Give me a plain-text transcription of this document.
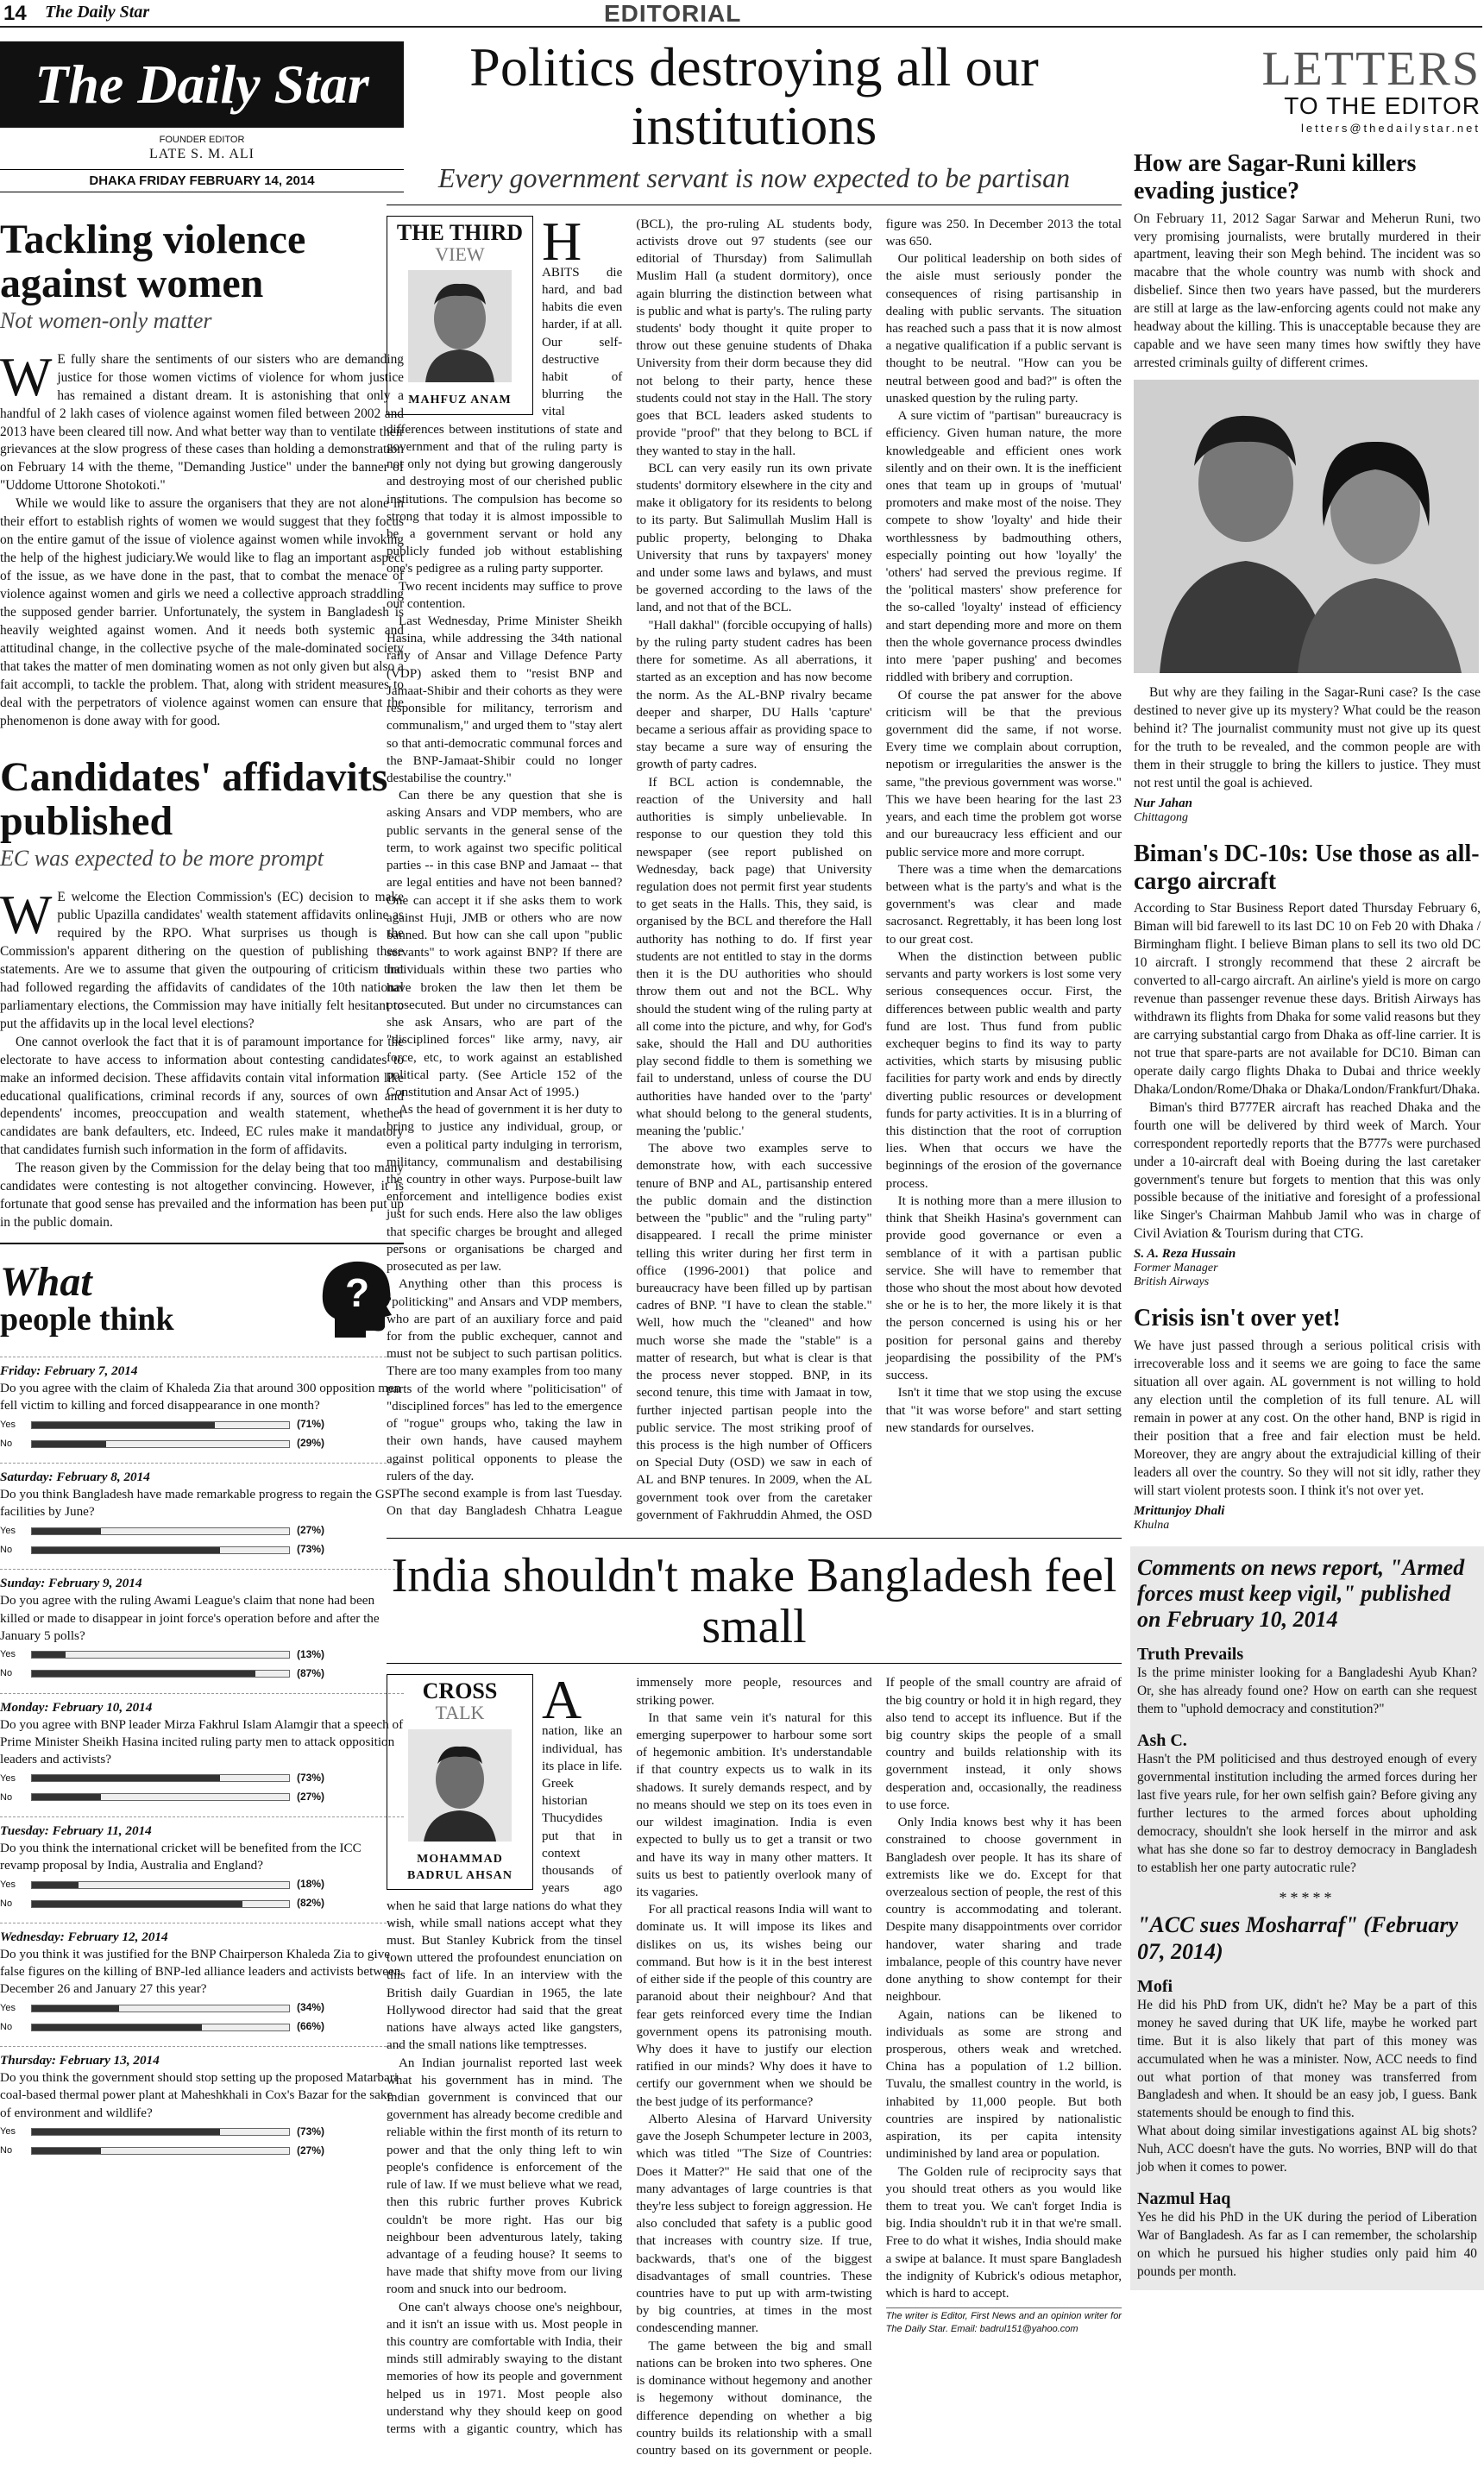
14 The Daily Star	EDITORIAL
The Daily Star
FOUNDER EDITOR
LATE S. M. ALI
DHAKA FRIDAY FEBRUARY 14, 2014
Tackling violence against women
Not women-only matter

W E fully share the sentiments of our sisters who are demanding justice for those women victims of violence for whom justice has remained a distant dream. It is astonishing that only a handful of 2 lakh cases of violence against women filed between 2002 and 2013 have been cleared till now. And what better way than to ventilate their grievances at the slow progress of these cases than holding a demonstration on February 14 with the theme, "Demanding Justice" under the banner of "Uddome Uttorone Shotokoti."

While we would like to assure the organisers that they are not alone in their effort to establish rights of women we would suggest that they focus on the entire gamut of the issue of violence against women while invoking the help of the highest judiciary.We would like to flag an important aspect of the issue, as we have done in the past, that to combat the menace of violence against women and girls we need a collective approach straddling the supposed gender barrier. Unfortunately, the system in Bangladesh is heavily weighted against women. And it needs both systemic and attitudinal change, in the collective psyche of the male-dominated society that takes the matter of men dominating women as not only given but also a fait accompli, to tackle the problem. That, along with strident measures to deal with the perpetrators of violence against women can ensure that the phenomenon is done away with for good.

Candidates' affidavits published
EC was expected to be more prompt

W E welcome the Election Commission's (EC) decision to make public Upazilla candidates' wealth statement affidavits online as required by the RPO. What surprises us though is the Commission's apparent dithering on the question of publishing these statements. Are we to assume that given the outpouring of criticism that had followed regarding the affidavits of candidates of the 10th national parliamentary elections, the Commission may have initially felt hesitant to put the affidavits up in the local level elections?

One cannot overlook the fact that it is of paramount importance for the electorate to have access to information about contesting candidates to make an informed decision. These affidavits contain vital information like educational qualifications, criminal records if any, sources of own and dependents' incomes, preoccupation and wealth statement, whether candidates are bank defaulters, etc. Indeed, EC rules make it mandatory that candidates furnish such information in the form of affidavits.

The reason given by the Commission for the delay being that too many candidates were contesting is not altogether convincing. However, it is fortunate that good sense has prevailed and the information has been put up in the public domain.

What
people think
?
Friday: February 7, 2014
Do you agree with the claim of Khaleda Zia that around 300 opposition men fell victim to killing and forced disappearance in one month?
Yes	(71%)
No	(29%)
Saturday: February 8, 2014
Do you think Bangladesh have made remarkable progress to regain the GSP facilities by June?
Yes	(27%)
No	(73%)
Sunday: February 9, 2014
Do you agree with the ruling Awami League's claim that none had been killed or made to disappear in joint force's operation before and after the January 5 polls?
Yes	(13%)
No	(87%)
Monday: February 10, 2014
Do you agree with BNP leader Mirza Fakhrul Islam Alamgir that a speech of Prime Minister Sheikh Hasina incited ruling party men to attack opposition leaders and activists?
Yes	(73%)
No	(27%)
Tuesday: February 11, 2014
Do you think the international cricket will be benefited from the ICC revamp proposal by India, Australia and England?
Yes	(18%)
No	(82%)
Wednesday: February 12, 2014
Do you think it was justified for the BNP Chairperson Khaleda Zia to give false figures on the killing of BNP-led alliance leaders and activists between December 26 and January 27 this year?
Yes	(34%)
No	(66%)
Thursday: February 13, 2014
Do you think the government should stop setting up the proposed Matarbari coal-based thermal power plant at Maheshkhali in Cox's Bazar for the sake of environment and wildlife?
Yes	(73%)
No	(27%)
Politics destroying all our institutions
Every government servant is now expected to be partisan
THE THIRD
VIEW
MAHFUZ ANAM

H
ABITS die hard, and bad habits die even harder, if at all. Our self-destructive habit of blurring the vital differences between institutions of state and government and that of the ruling party is not only not dying but growing dangerously and destroying most of our cherished public institutions. The compulsion has become so strong that today it is almost impossible to be a government servant or hold any publicly funded job without establishing one's pedigree as a ruling party supporter.

Two recent incidents may suffice to prove our contention.

Last Wednesday, Prime Minister Sheikh Hasina, while addressing the 34th national rally of Ansar and Village Defence Party (VDP) asked them to "resist BNP and Jamaat-Shibir and their cohorts as they were responsible for militancy, terrorism and communalism," and urged them to "stay alert so that anti-democratic communal forces and the BNP-Jamaat-Shibir could no longer destabilise the country."

Can there be any question that she is asking Ansars and VDP members, who are public servants in the general sense of the term, to work against two specific political parties -- in this case BNP and Jamaat -- that are legal entities and have not been banned? One can accept it if she asks them to work against Huji, JMB or others who are now banned. But how can she call upon "public servants" to work against BNP? If there are individuals within these two parties who have broken the law then let them be prosecuted. But under no circumstances can she ask Ansars, who are part of the "disciplined forces" like army, navy, air force, etc, to work against an established political party. (See Article 152 of the Constitution and Ansar Act of 1995.)

As the head of government it is her duty to bring to justice any individual, group, or even a political party indulging in terrorism, militancy, communalism and destabilising the country in other ways. Purpose-built law enforcement and intelligence bodies exist just for such ends. Here also the law obliges that specific charges be brought and alleged persons or organisations be charged and prosecuted as per law.

Anything other than this process is "politicking" and Ansars and VDP members, who are part of an auxiliary force and paid for from the public exchequer, cannot and must not be subject to such partisan politics. There are too many examples from too many parts of the world where "politicisation" of "disciplined forces" has led to the emergence of "rogue" groups who, taking the law in their own hands, have caused mayhem against political opponents to please the rulers of the day.

The second example is from last Tuesday. On that day Bangladesh Chhatra League (BCL), the pro-ruling AL students body, activists drove out 97 students (see our editorial of Thursday) from Salimullah Muslim Hall (a student dormitory), once again blurring the distinction between what is public and what is party's. The ruling party students' body thought it quite proper to throw out these genuine students of Dhaka University from their dorm because they did not belong to their party, hence these students could not stay in the Hall. The story goes that BCL leaders asked students to provide "proof" that they belong to BCL if they wanted to stay in the hall.

BCL can very easily run its own private students' dormitory elsewhere in the city and make it obligatory for its residents to belong to its party. But Salimullah Muslim Hall is public property, belonging to Dhaka University that runs by taxpayers' money and under some laws and bylaws, and must be governed according to the laws of the land, and not that of the BCL.

"Hall dakhal" (forcible occupying of halls) by the ruling party student cadres has been there for sometime. As all aberrations, it started as an exception and has now become the norm. As the AL-BNP rivalry became deeper and sharper, DU Halls 'capture' became a serious affair as providing space to stay became a sure way of ensuring the growth of party cadres.

If BCL action is condemnable, the reaction of the University and hall authorities is simply unbelievable. In response to our question they told this newspaper (see report published on Wednesday, back page) that University regulation does not permit first year students to get seats in the Halls. This, they said, is organised by the BCL and therefore the Hall authority has nothing to do. If first year students are not entitled to stay in the dorms then it is the DU authorities who should throw them out and not the BCL. Why should the student wing of the ruling party at all come into the picture, and why, for God's sake, should the Hall and DU authorities play second fiddle to them is something we fail to understand, unless of course the DU authorities have handed over to the 'party' what should belong to the general students, meaning the 'public.'

The above two examples serve to demonstrate how, with each successive tenure of BNP and AL, partisanship entered the public domain and the distinction between the "public" and the "ruling party" disappeared. I recall the prime minister telling this writer during her first term in office (1996-2001) that police and bureaucracy have been filled up by partisan cadres of BNP. "I have to clean the stable." Well, how much the "cleaned" and how much worse she made the "stable" is a matter of research, but what is clear is that the process never stopped. BNP, in its second tenure, this time with Jamaat in tow, further injected partisan people into the public service. The most striking proof of this process is the high number of Officers on Special Duty (OSD) we saw in each of AL and BNP tenures. In 2009, when the AL government took over from the caretaker government of Fakhruddin Ahmed, the OSD figure was 250. In December 2013 the total was 650.

Our political leadership on both sides of the aisle must seriously ponder the consequences of rising partisanship in dealing with public servants. The situation has reached such a pass that it is now almost a negative qualification if a public servant is thought to be neutral. "How can you be neutral between good and bad?" is often the unasked question by the ruling party.

A sure victim of "partisan" bureaucracy is efficiency. Given human nature, the more knowledgeable and efficient ones work silently and on their own. It is the inefficient ones that team up in groups of 'mutual' promoters and make most of the noise. They compete to show 'loyalty' and hide their worthlessness by badmouthing others, especially pointing out how 'loyally' the 'others' had served the previous regime. If the 'political masters' show preference for the so-called 'loyalty' instead of efficiency and start depending more and more on them then the whole governance process dwindles into mere 'paper pushing' and becomes riddled with bribery and corruption.

Of course the pat answer for the above criticism will be that the previous government did the same, if not worse. Every time we complain about corruption, nepotism or irregularities the answer is the same, "the previous government was worse." This we have been hearing for the last 23 years, and each time the problem got worse and our bureaucracy less efficient and our public service more and more corrupt.

There was a time when the demarcations between what is the party's and what is the government's was clear and made sacrosanct. Regrettably, it has been long lost to our great cost.

When the distinction between public servants and party workers is lost some very serious consequences occur. First, the differences between public wealth and party fund are lost. Thus fund from public exchequer begins to find its way to party activities, which starts by misusing public facilities for party work and ends by directly diverting public resources or development funds for party activities. It is in a blurring of this distinction that the root of corruption lies. When that occurs we have the beginnings of the erosion of the governance process.

It is nothing more than a mere illusion to think that Sheikh Hasina's government can provide good governance or even a semblance of it with a partisan public service. She will have to remember that those who shout the most about how devoted she or he is to her, the more likely it is that the person concerned is using his or her position for personal gains and thereby jeopardising the possibility of the PM's success.

Isn't it time that we stop using the excuse that "it was worse before" and start setting new standards for ourselves.

India shouldn't make Bangladesh feel small
CROSS
TALK
MOHAMMAD BADRUL AHSAN

A
nation, like an individual, has its place in life. Greek historian Thucydides put that in context thousands of years ago when he said that large nations do what they wish, while small nations accept what they must. But Stanley Kubrick from the tinsel town uttered the profoundest enunciation on this fact of life. In an interview with the British daily Guardian in 1965, the late Hollywood director had said that the great nations have always acted like gangsters, and the small nations like temptresses.

An Indian journalist reported last week what his government has in mind. The Indian government is convinced that our government has already become credible and reliable within the first month of its return to power and that the only thing left to win people's confidence is enforcement of the rule of law. If we must believe what we read, then this rubric further proves Kubrick couldn't be more right. Has our big neighbour been adventurous lately, taking advantage of a feuding house? It seems to have made that shifty move from our living room and snuck into our bedroom.

One can't always choose one's neighbour, and it isn't an issue with us. Most people in this country are comfortable with India, their minds still admirably swaying to the distant memories of how its people and government helped us in 1971. Most people also understand why they should keep on good terms with a gigantic country, which has immensely more people, resources and striking power.

In that same vein it's natural for this emerging superpower to harbour some sort of hegemonic ambition. It's understandable if that country expects us to walk in its shadows. It surely demands respect, and by no means should we step on its toes even in our wildest imagination. India is even expected to bully us to get a transit or two and have its way in many other matters. It suits us best to patiently overlook many of its vagaries.

For all practical reasons India will want to dominate us. It will impose its likes and dislikes on us, its wishes being our command. But how is it in the best interest of either side if the people of this country are paranoid about their neighbour? And that fear gets reinforced every time the Indian government opens its patronising mouth. Why does it have to justify our election ratified in our minds? Why does it have to certify our government when we should be the best judge of its performance?

Alberto Alesina of Harvard University gave the Joseph Schumpeter lecture in 2003, which was titled "The Size of Countries: Does it Matter?" He said that one of the many advantages of large countries is that they're less subject to foreign aggression. He also concluded that safety is a public good that increases with country size. If true, backwards, that's one of the biggest disadvantages of small countries. These countries have to put up with arm-twisting by big countries, at times in the most condescending manner.

The game between the big and small nations can be broken into two spheres. One is dominance without hegemony and another is hegemony without dominance, the difference depending on whether a big country builds its relationship with a small country based on its government or people. If people of the small country are afraid of the big country or hold it in high regard, they also tend to accept its influence. But if the big country skips the people of a small country and builds relationship with its government instead, it only shows desperation and, occasionally, the readiness to use force.

Only India knows best why it has been constrained to choose government in Bangladesh over people. It has its share of extremists like we do. Except for that overzealous section of people, the rest of this country is accommodating and tolerant. Despite many disappointments over corridor handover, water sharing and trade imbalance, people of this country have never done anything to show contempt for their neighbour.

Again, nations can be likened to individuals as some are strong and prosperous, others weak and wretched. China has a population of 1.2 billion. Tuvalu, the smallest country in the world, is inhabited by 11,000 people. But both countries are inspired by nationalistic aspiration, its per capita intensity undiminished by land area or population.

The Golden rule of reciprocity says that you should treat others as you would like them to treat you. We can't forget India is big. India shouldn't rub it in that we're small. Free to do what it wishes, India should make a swipe at balance. It must spare Bangladesh the indignity of Kubrick's odious metaphor, which is hard to accept.

The writer is Editor, First News and an opinion writer for The Daily Star. Email: badrul151@yahoo.com
LETTERS
TO THE EDITOR
letters@thedailystar.net
How are Sagar-Runi killers evading justice?

On February 11, 2012 Sagar Sarwar and Meherun Runi, two very promising journalists, were brutally murdered in their apartment, leaving their son Megh behind. The incident was so macabre that the whole country was numb with shock and disbelief. Since then two years have passed, but the murderers are still at large as the law-enforcing agents could not make any headway about the killing. This is unacceptable because they are capable and we have seen many times how swiftly they have arrested criminals guilty of different crimes.

But why are they failing in the Sagar-Runi case? Is the case destined to never give up its mystery? What could be the reason behind it? The journalist community must not give up its quest for the truth to be revealed, and the common people are with them in their struggle to bring the killers to justice. They must not rest until the goal is achieved.

Nur Jahan
Chittagong
Biman's DC-10s: Use those as all-cargo aircraft

According to Star Business Report dated Thursday February 6, Biman will bid farewell to its last DC 10 on Feb 20 with Dhaka / Birmingham flight. I believe Biman plans to sell its two old DC 10 aircraft. I strongly recommend that these 2 aircraft be converted to all-cargo aircraft. An airline's yield is more on cargo revenue than passenger revenue these days. British Airways has withdrawn its flights from Dhaka for some valid reasons but they are carrying substantial cargo from Dhaka as off-line carrier. It is not true that spare-parts are not available for DC10. Biman can operate daily cargo flights Dhaka to Dubai and thrice weekly Dhaka/London/Rome/Dhaka or Dhaka/London/Frankfurt/Dhaka.

Biman's third B777ER aircraft has reached Dhaka and the fourth one will be delivered by third week of March. Your correspondent reportedly reports that the B777s were purchased under a 10-aircraft deal with Boeing during the last caretaker government's tenure but forgets to mention that this was only possible because of the initiative and foresight of a professional like Singer's Chairman Mahbub Jamil who was in charge of Civil Aviation & Tourism during that CTG.

S. A. Reza Hussain
Former Manager
British Airways
Crisis isn't over yet!

We have just passed through a serious political crisis with irrecoverable loss and it seems we are going to face the same situation all over again. AL government is not willing to hold any election until the completion of its full tenure. AL will remain in power at any cost. On the other hand, BNP is rigid in their position that a free and fair election must be held. Moreover, they are angry about the extrajudicial killing of their leaders all over the country. So they will not sit idly, rather they will start violent protests soon. I think it's not over yet.

Mrittunjoy Dhali
Khulna
Comments on news report, "Armed forces must keep vigil," published on February 10, 2014
Truth Prevails
Is the prime minister looking for a Bangladeshi Ayub Khan? Or, she has already found one? How on earth can she request them to "uphold democracy and constitution?"
Ash C.
Hasn't the PM politicised and thus destroyed enough of every governmental institution including the armed forces during her last five years rule, for her own selfish gain? Before giving any further lectures to the armed forces about upholding democracy, shouldn't she look herself in the mirror and ask what has she done so far to destroy democracy in Bangladesh to establish her one party autocratic rule?
*****
"ACC sues Mosharraf" (February 07, 2014)
Mofi
He did his PhD from UK, didn't he? May be a part of this money he saved during that UK life, maybe he worked part time. But it is also likely that part of this money was accumulated when he was a minister. Now, ACC needs to find out what portion of that money was transferred from Bangladesh and when. It should be an easy job, I guess. Bank statements should be enough to find this.
What about doing similar investigations against AL big shots? Nuh, ACC doesn't have the guts. No worries, BNP will do that job when it comes to power.
Nazmul Haq
Yes he did his PhD in the UK during the period of Liberation War of Bangladesh. As far as I can remember, the scholarship on which he pursued his higher studies only paid him 40 pounds per month.
